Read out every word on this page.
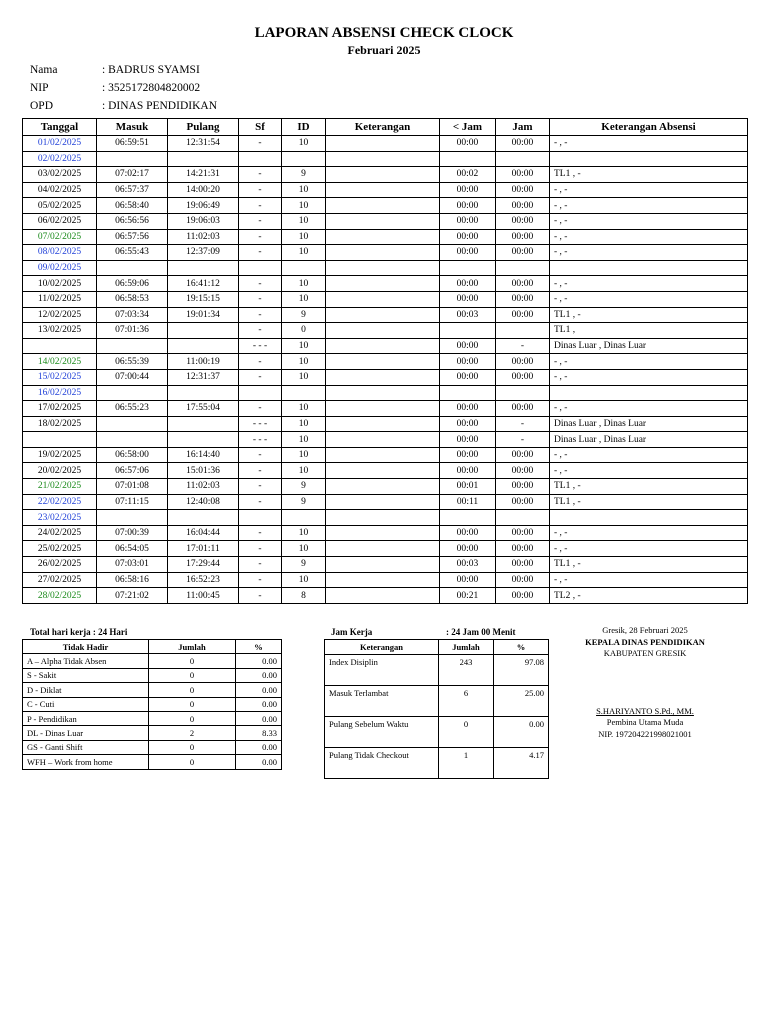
LAPORAN ABSENSI CHECK CLOCK
Februari 2025
Nama	: BADRUS SYAMSI
NIP	: 3525172804820002
OPD	: DINAS PENDIDIKAN
Tanggal	Masuk	Pulang	Sf	ID	Keterangan	< Jam	Jam	Keterangan Absensi
01/02/2025	06:59:51	12:31:54	-	10		00:00	00:00	- , -
02/02/2025								
03/02/2025	07:02:17	14:21:31	-	9		00:02	00:00	TL1 , -
04/02/2025	06:57:37	14:00:20	-	10		00:00	00:00	- , -
05/02/2025	06:58:40	19:06:49	-	10		00:00	00:00	- , -
06/02/2025	06:56:56	19:06:03	-	10		00:00	00:00	- , -
07/02/2025	06:57:56	11:02:03	-	10		00:00	00:00	- , -
08/02/2025	06:55:43	12:37:09	-	10		00:00	00:00	- , -
09/02/2025								
10/02/2025	06:59:06	16:41:12	-	10		00:00	00:00	- , -
11/02/2025	06:58:53	19:15:15	-	10		00:00	00:00	- , -
12/02/2025	07:03:34	19:01:34	-	9		00:03	00:00	TL1 , -
13/02/2025	07:01:36		-	0				TL1 ,
			- - -	10		00:00	-	Dinas Luar , Dinas Luar
14/02/2025	06:55:39	11:00:19	-	10		00:00	00:00	- , -
15/02/2025	07:00:44	12:31:37	-	10		00:00	00:00	- , -
16/02/2025								
17/02/2025	06:55:23	17:55:04	-	10		00:00	00:00	- , -
18/02/2025			- - -	10		00:00	-	Dinas Luar , Dinas Luar
			- - -	10		00:00	-	Dinas Luar , Dinas Luar
19/02/2025	06:58:00	16:14:40	-	10		00:00	00:00	- , -
20/02/2025	06:57:06	15:01:36	-	10		00:00	00:00	- , -
21/02/2025	07:01:08	11:02:03	-	9		00:01	00:00	TL1 , -
22/02/2025	07:11:15	12:40:08	-	9		00:11	00:00	TL1 , -
23/02/2025								
24/02/2025	07:00:39	16:04:44	-	10		00:00	00:00	- , -
25/02/2025	06:54:05	17:01:11	-	10		00:00	00:00	- , -
26/02/2025	07:03:01	17:29:44	-	9		00:03	00:00	TL1 , -
27/02/2025	06:58:16	16:52:23	-	10		00:00	00:00	- , -
28/02/2025	07:21:02	11:00:45	-	8		00:21	00:00	TL2 , -
Total hari kerja : 24 Hari	Jam Kerja	: 24 Jam 00 Menit
Tidak Hadir	Jumlah	%
A – Alpha Tidak Absen	0	0.00
S - Sakit	0	0.00
D - Diklat	0	0.00
C - Cuti	0	0.00
P - Pendidikan	0	0.00
DL - Dinas Luar	2	8.33
GS - Ganti Shift	0	0.00
WFH – Work from home	0	0.00
Keterangan	Jumlah	%
Index Disiplin	243	97.08
Masuk Terlambat	6	25.00
Pulang Sebelum Waktu	0	0.00
Pulang Tidak Checkout	1	4.17
Gresik, 28 Februari 2025
KEPALA DINAS PENDIDIKAN
KABUPATEN GRESIK
S.HARIYANTO S.Pd., MM.
Pembina Utama Muda
NIP. 197204221998021001
